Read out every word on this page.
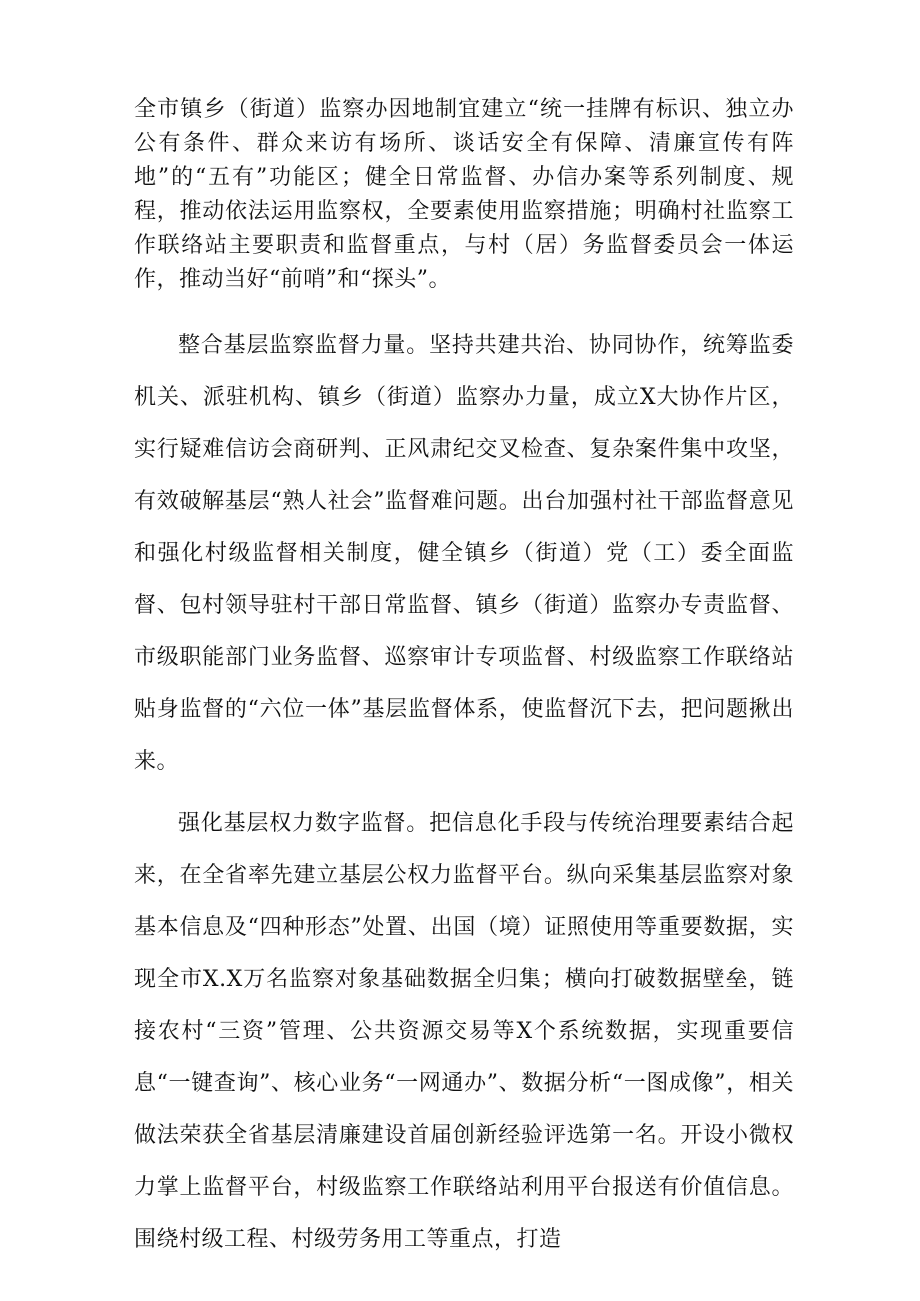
全市镇乡（街道）监察办因地制宜建立“统一挂牌有标识、独立办公有条件、群众来访有场所、谈话安全有保障、清廉宣传有阵地”的“五有”功能区；健全日常监督、办信办案等系列制度、规程，推动依法运用监察权，全要素使用监察措施；明确村社监察工作联络站主要职责和监督重点，与村（居）务监督委员会一体运作，推动当好“前哨”和“探头”。

整合基层监察监督力量。坚持共建共治、协同协作，统筹监委机关、派驻机构、镇乡（街道）监察办力量，成立X大协作片区，实行疑难信访会商研判、正风肃纪交叉检查、复杂案件集中攻坚，有效破解基层“熟人社会”监督难问题。出台加强村社干部监督意见和强化村级监督相关制度，健全镇乡（街道）党（工）委全面监督、包村领导驻村干部日常监督、镇乡（街道）监察办专责监督、市级职能部门业务监督、巡察审计专项监督、村级监察工作联络站贴身监督的“六位一体”基层监督体系，使监督沉下去，把问题揪出来。

强化基层权力数字监督。把信息化手段与传统治理要素结合起来，在全省率先建立基层公权力监督平台。纵向采集基层监察对象基本信息及“四种形态”处置、出国（境）证照使用等重要数据，实现全市X.X万名监察对象基础数据全归集；横向打破数据壁垒，链接农村“三资”管理、公共资源交易等X个系统数据，实现重要信息“一键查询”、核心业务“一网通办”、数据分析“一图成像”，相关做法荣获全省基层清廉建设首届创新经验评选第一名。开设小微权力掌上监督平台，村级监察工作联络站利用平台报送有价值信息。围绕村级工程、村级劳务用工等重点，打造
